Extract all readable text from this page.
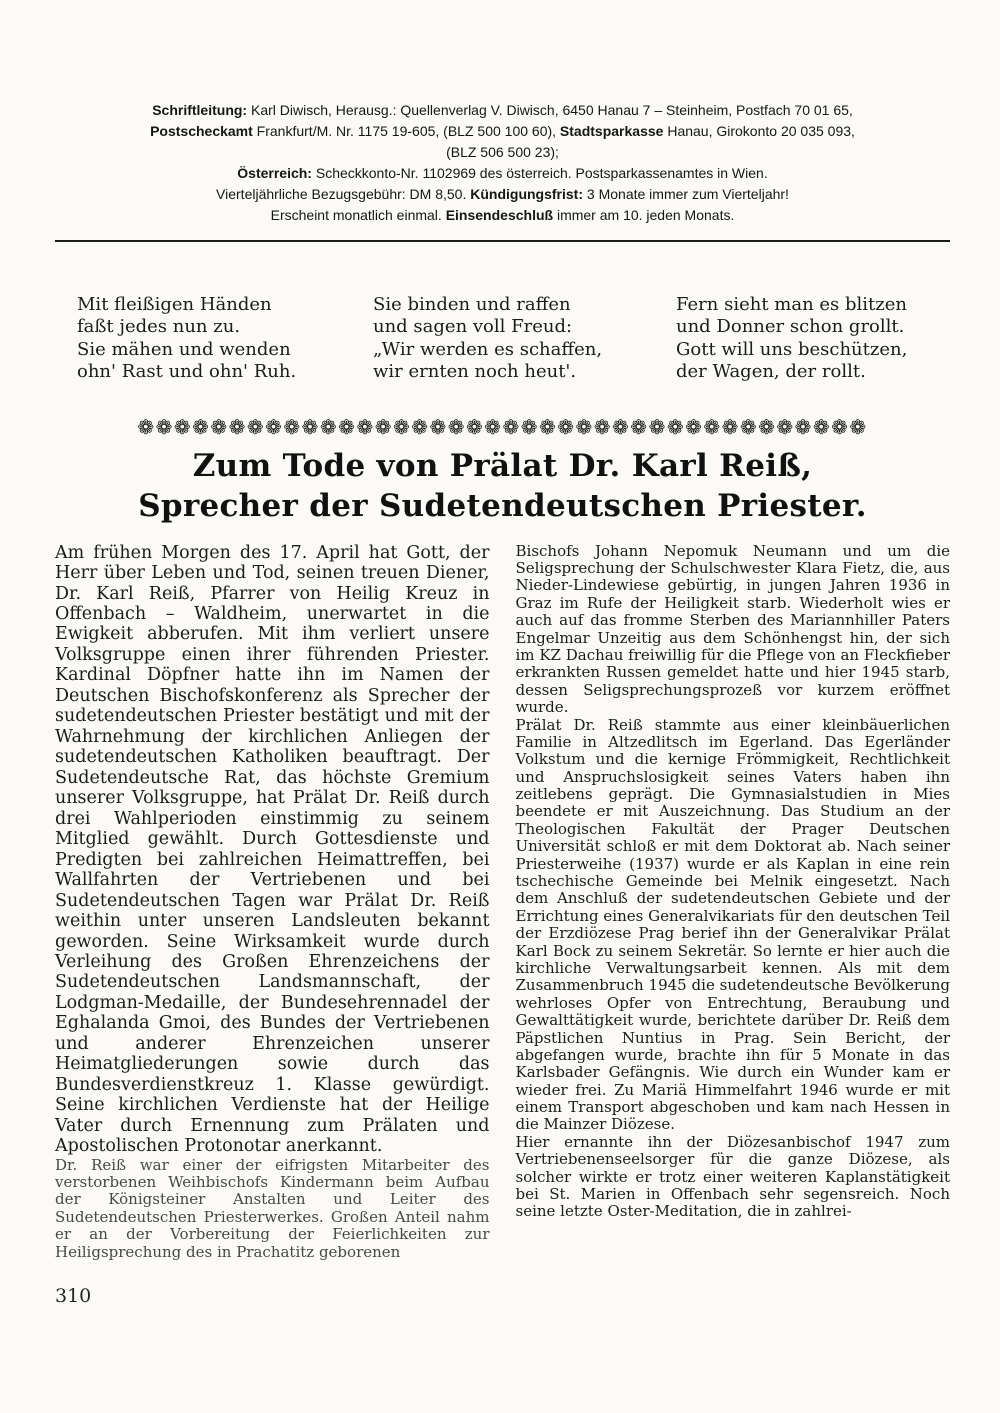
Schriftleitung: Karl Diwisch, Herausg.: Quellenverlag V. Diwisch, 6450 Hanau 7 – Steinheim, Postfach 70 01 65,
Postscheckamt Frankfurt/M. Nr. 1175 19-605, (BLZ 500 100 60), Stadtsparkasse Hanau, Girokonto 20 035 093,
(BLZ 506 500 23);
Österreich: Scheckkonto-Nr. 1102969 des österreich. Postsparkassenamtes in Wien.
Vierteljährliche Bezugsgebühr: DM 8,50. Kündigungsfrist: 3 Monate immer zum Vierteljahr!
Erscheint monatlich einmal. Einsendeschluß immer am 10. jeden Monats.
Mit fleißigen Händen
faßt jedes nun zu.
Sie mähen und wenden
ohn' Rast und ohn' Ruh.
Sie binden und raffen
und sagen voll Freud:
„Wir werden es schaffen,
wir ernten noch heut'.
Fern sieht man es blitzen
und Donner schon grollt.
Gott will uns beschützen,
der Wagen, der rollt.
❁❁❁❁❁❁❁❁❁❁❁❁❁❁❁❁❁❁❁❁❁❁❁❁❁❁❁❁❁❁❁❁❁❁❁❁❁❁❁❁
Zum Tode von Prälat Dr. Karl Reiß,
Sprecher der Sudetendeutschen Priester.

Am frühen Morgen des 17. April hat Gott, der Herr über Leben und Tod, seinen treuen Diener, Dr. Karl Reiß, Pfarrer von Heilig Kreuz in Offenbach – Waldheim, unerwartet in die Ewigkeit abberufen. Mit ihm verliert unsere Volksgruppe einen ihrer führenden Priester. Kardinal Döpfner hatte ihn im Namen der Deutschen Bischofskonferenz als Sprecher der sudetendeutschen Priester bestätigt und mit der Wahrnehmung der kirchlichen Anliegen der sudetendeutschen Katholiken beauftragt. Der Sudetendeutsche Rat, das höchste Gremium unserer Volksgruppe, hat Prälat Dr. Reiß durch drei Wahlperioden einstimmig zu seinem Mitglied gewählt. Durch Gottesdienste und Predigten bei zahlreichen Heimattreffen, bei Wallfahrten der Vertriebenen und bei Sudetendeutschen Tagen war Prälat Dr. Reiß weithin unter unseren Landsleuten bekannt geworden. Seine Wirksamkeit wurde durch Verleihung des Großen Ehrenzeichens der Sudetendeutschen Landsmannschaft, der Lodgman-Medaille, der Bundesehrennadel der Eghalanda Gmoi, des Bundes der Vertriebenen und anderer Ehrenzeichen unserer Heimatgliederungen sowie durch das Bundesverdienstkreuz 1. Klasse gewürdigt. Seine kirchlichen Verdienste hat der Heilige Vater durch Ernennung zum Prälaten und Apostolischen Protonotar anerkannt.

Dr. Reiß war einer der eifrigsten Mitarbeiter des verstorbenen Weihbischofs Kindermann beim Aufbau der Königsteiner Anstalten und Leiter des Sudetendeutschen Priesterwerkes. Großen Anteil nahm er an der Vorbereitung der Feierlichkeiten zur Heiligsprechung des in Prachatitz geborenen

Bischofs Johann Nepomuk Neumann und um die Seligsprechung der Schulschwester Klara Fietz, die, aus Nieder-Lindewiese gebürtig, in jungen Jahren 1936 in Graz im Rufe der Heiligkeit starb. Wiederholt wies er auch auf das fromme Sterben des Mariannhiller Paters Engelmar Unzeitig aus dem Schönhengst hin, der sich im KZ Dachau freiwillig für die Pflege von an Fleckfieber erkrankten Russen gemeldet hatte und hier 1945 starb, dessen Seligsprechungsprozeß vor kurzem eröffnet wurde.

Prälat Dr. Reiß stammte aus einer kleinbäuerlichen Familie in Altzedlitsch im Egerland. Das Egerländer Volkstum und die kernige Frömmigkeit, Rechtlichkeit und Anspruchslosigkeit seines Vaters haben ihn zeitlebens geprägt. Die Gymnasialstudien in Mies beendete er mit Auszeichnung. Das Studium an der Theologischen Fakultät der Prager Deutschen Universität schloß er mit dem Doktorat ab. Nach seiner Priesterweihe (1937) wurde er als Kaplan in eine rein tschechische Gemeinde bei Melnik eingesetzt. Nach dem Anschluß der sudetendeutschen Gebiete und der Errichtung eines Generalvikariats für den deutschen Teil der Erzdiözese Prag berief ihn der Generalvikar Prälat Karl Bock zu seinem Sekretär. So lernte er hier auch die kirchliche Verwaltungsarbeit kennen. Als mit dem Zusammenbruch 1945 die sudetendeutsche Bevölkerung wehrloses Opfer von Entrechtung, Beraubung und Gewalttätigkeit wurde, berichtete darüber Dr. Reiß dem Päpstlichen Nuntius in Prag. Sein Bericht, der abgefangen wurde, brachte ihn für 5 Monate in das Karlsbader Gefängnis. Wie durch ein Wunder kam er wieder frei. Zu Mariä Himmelfahrt 1946 wurde er mit einem Transport abgeschoben und kam nach Hessen in die Mainzer Diözese.

Hier ernannte ihn der Diözesanbischof 1947 zum Vertriebenenseelsorger für die ganze Diözese, als solcher wirkte er trotz einer weiteren Kaplanstätigkeit bei St. Marien in Offenbach sehr segensreich. Noch seine letzte Oster-Meditation, die in zahlrei-

310
